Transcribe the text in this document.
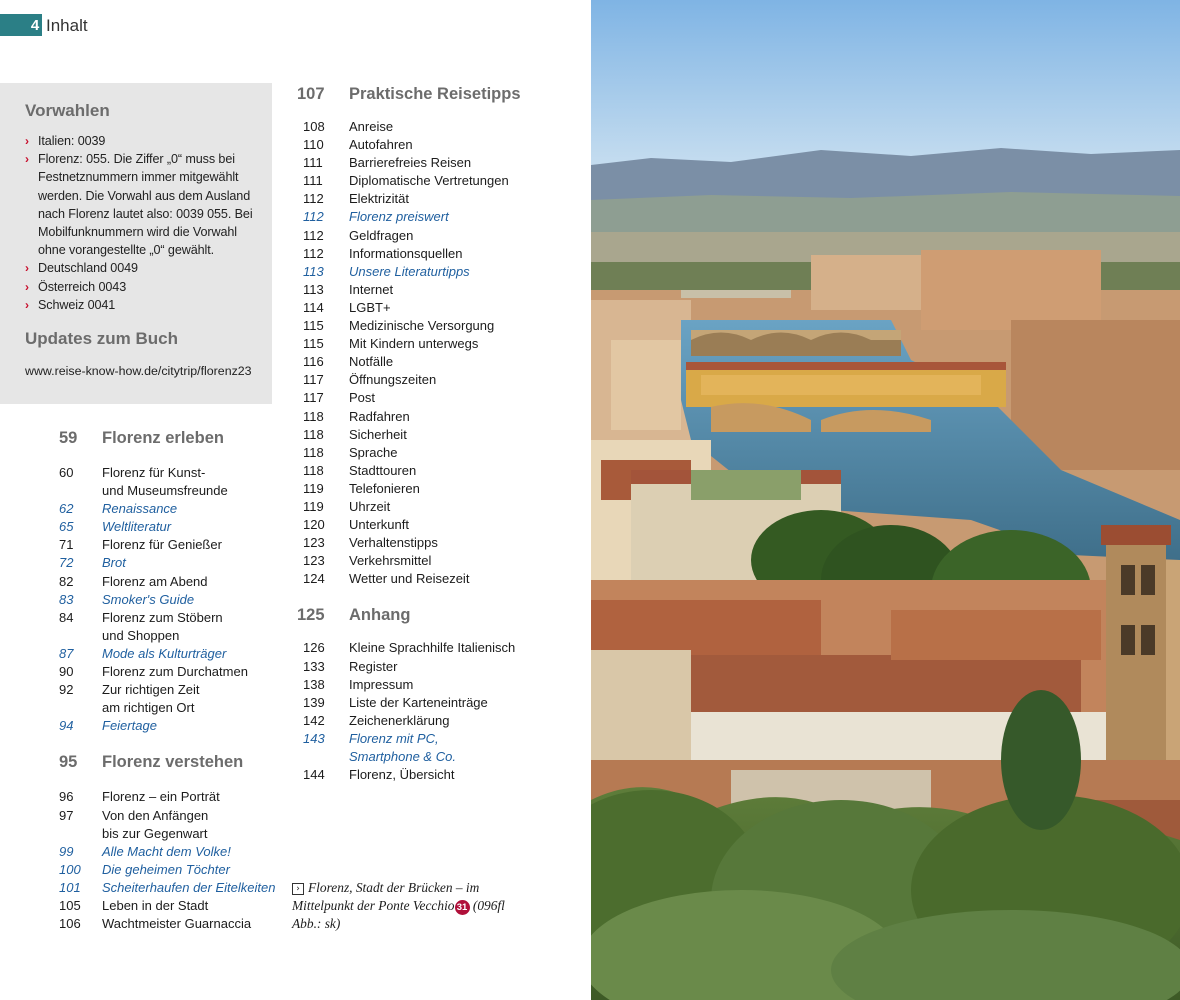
4 Inhalt
Vorwahlen
› Italien: 0039
› Florenz: 055. Die Ziffer „0“ muss bei Festnetznummern immer mitgewählt werden. Die Vorwahl aus dem Ausland nach Florenz lautet also: 0039 055. Bei Mobilfunknummern wird die Vorwahl ohne vorangestellte „0“ gewählt.
› Deutschland 0049
› Österreich 0043
› Schweiz 0041
Updates zum Buch
www.reise-know-how.de/citytrip/florenz23
59	Florenz erleben
60	Florenz für Kunst-
und Museumsfreunde
62	Renaissance
65	Weltliteratur
71	Florenz für Genießer
72	Brot
82	Florenz am Abend
83	Smoker's Guide
84	Florenz zum Stöbern
und Shoppen
87	Mode als Kulturträger
90	Florenz zum Durchatmen
92	Zur richtigen Zeit
am richtigen Ort
94	Feiertage
95	Florenz verstehen
96	Florenz – ein Porträt
97	Von den Anfängen
bis zur Gegenwart
99	Alle Macht dem Volke!
100	Die geheimen Töchter
101	Scheiterhaufen der Eitelkeiten
105	Leben in der Stadt
106	Wachtmeister Guarnaccia
107	Praktische Reisetipps
108	Anreise
110	Autofahren
111	Barrierefreies Reisen
111	Diplomatische Vertretungen
112	Elektrizität
112	Florenz preiswert
112	Geldfragen
112	Informationsquellen
113	Unsere Literaturtipps
113	Internet
114	LGBT+
115	Medizinische Versorgung
115	Mit Kindern unterwegs
116	Notfälle
117	Öffnungszeiten
117	Post
118	Radfahren
118	Sicherheit
118	Sprache
118	Stadttouren
119	Telefonieren
119	Uhrzeit
120	Unterkunft
123	Verhaltenstipps
123	Verkehrsmittel
124	Wetter und Reisezeit
125	Anhang
126	Kleine Sprachhilfe Italienisch
133	Register
138	Impressum
139	Liste der Karteneinträge
142	Zeichenerklärung
143	Florenz mit PC,
Smartphone & Co.
144	Florenz, Übersicht
› Florenz, Stadt der Brücken – im Mittelpunkt der Ponte Vecchio 31 (096fl Abb.: sk)
